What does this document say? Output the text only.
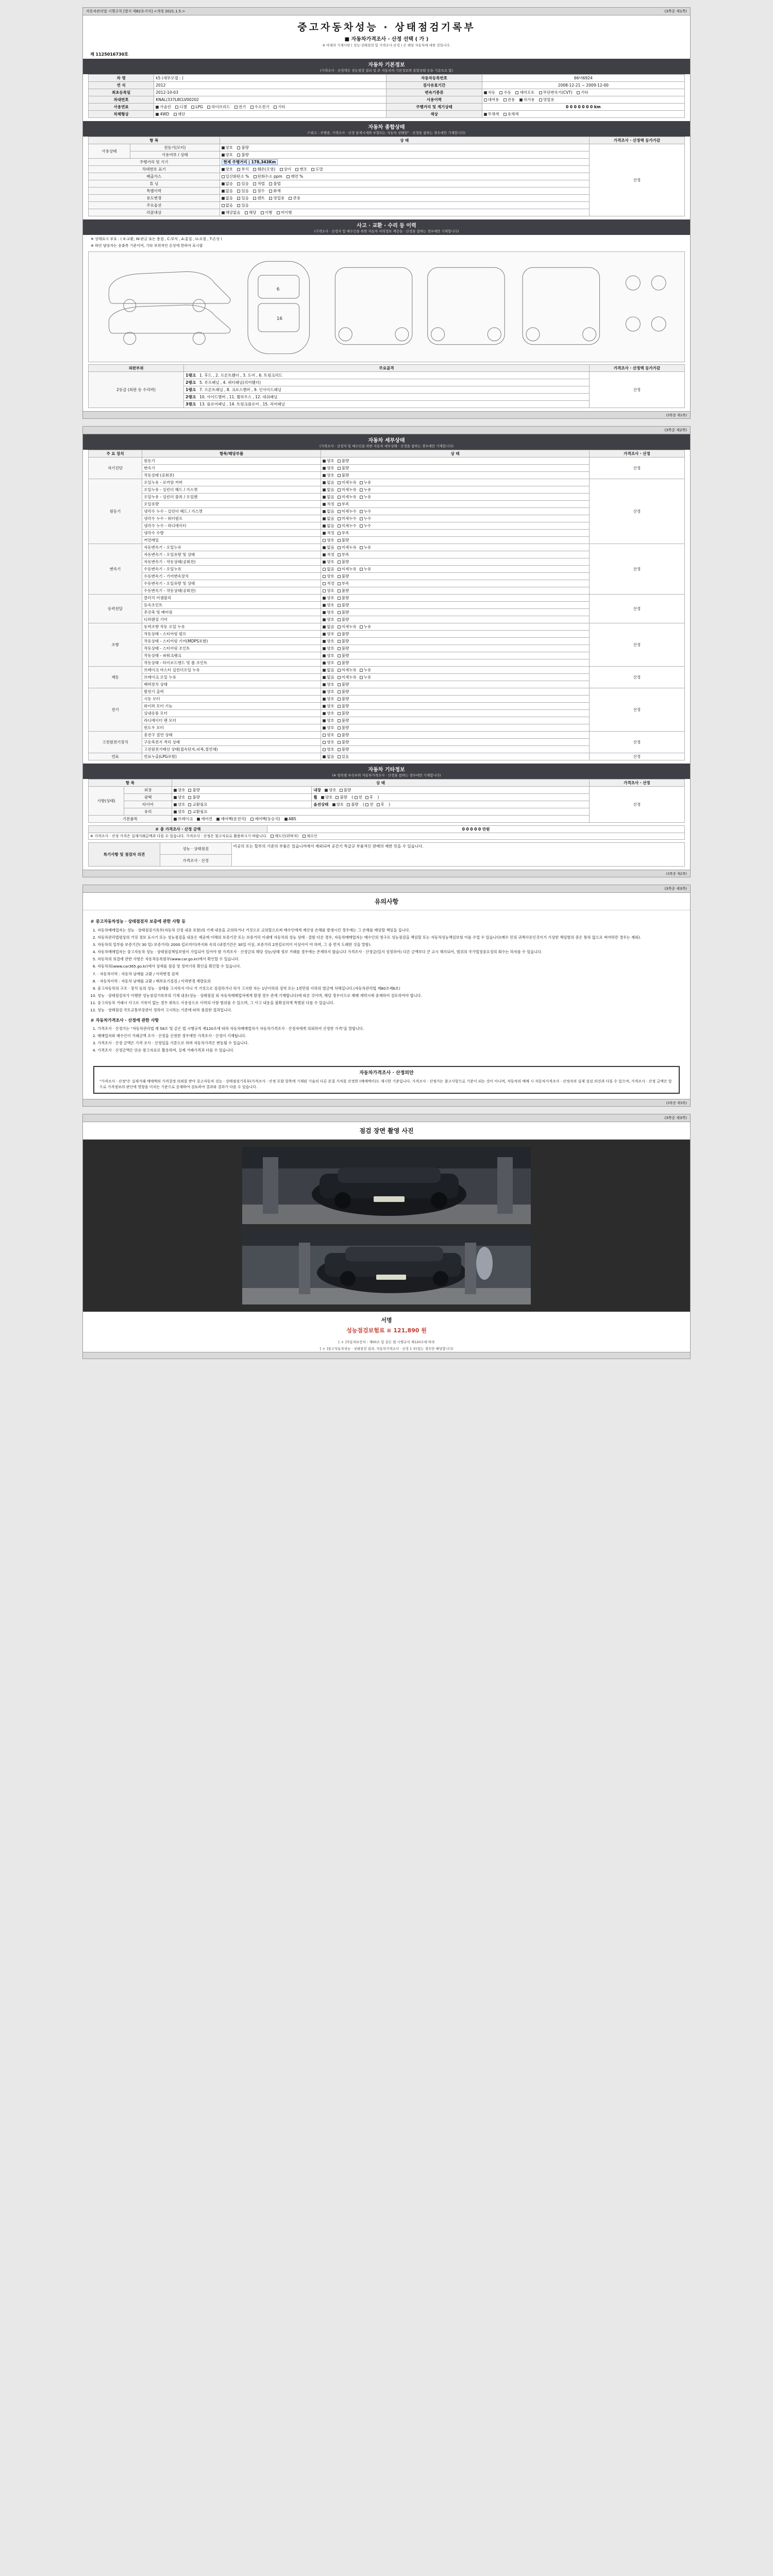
자동차관리법 시행규칙 [별지 제82호서식] <개정 2021.1.5.>	(3쪽중 제1쪽)
중고자동차성능 · 상태점검기록부
■ 자동차가격조사 · 산정 선택 ( 가 )
※ 아래의 기재사항 ( 성능·상태점검 및 가격조사·산정 ) 은 해당 자동차에 대한 것입니다.
제 1125016730호
자동차 기본정보
(가격조사 · 산정액은 성능점검 결과 및 본 자동차의 기본정보와 종합상태 등을 기준으로 함)
차 명	k5 (세부모델 : )	자동차등록번호	66머6924
연 식	2012	검사유효기간	2008-12-21 ~ 2009-12-00
최초등록일	2012-10-03	변속기종류	자동 수동 세미오토 무단변속기(CVT) 기타
차대번호	KNAL(337L8CLV00202	사용이력	대여용 관용 자가용 영업용
사용연료	가솔린 디젤 LPG 하이브리드 전기 수소전기 기타	주행거리 및 계기상태	0 0 0 0 0 0 0 km
차체형상	4WD 세단	색상	무채색 유채색
자동차 종합상태
("최고 : 주행중, 가격조사 · 산정 통계시세와 부합되는 자동차 상태임" - 산정을 참하는 경우에만 기재합니다)
항 목		상 태	가격조사 · 산정액 등가가감
사용상태	전동기(모터)	양호 불량	산정
	사용여부 / 상태	양호 불량	
주행거리 및 기기		현재 주행거리 | 178,343Km	
차대번호 표기		양호 부식 훼손(오염) 상이 변조 도말	
배출가스		일산화탄소 % 탄화수소 ppm 매연 %	
튜 닝		없음 있음 적법 불법	
특별이력		없음 있음 침수 화재	
용도변경		없음 있음 렌트 영업용 관용	
주요옵션		없음 있음	
리콜대상		해당없음 해당 이행 미이행	
사고 · 교환 · 수리 등 이력
(가격조사 · 산정자 및 매수인을 위한 자동차 이력정보 제공용 · 산정을 참하는 경우에만 기재합니다)

※ 상태표시 부호 : ( X:교환, W:판금 또는 용접 , C:부식 , A:흠집 , U:요철 , T:손상 )

※ 하단 담당자는 송출측 기준이며, 기타 부위적인 손상에 한하여 표시함

6
16
외판부위	주요골격	가격조사 · 산정액 등가가감
2등급 (외판 등 수리력)	1랭크 1. 후드 , 2. 프론트휀더 , 3. 도어 , 6. 트렁크리드	산정
	2랭크 5. 루프패널 , 4. 쿼터패널(리어휀더)	
	1랭크 7. 프론트패널 , 8. 크로스멤버 , 9. 인사이드패널	
	2랭크 10. 사이드멤버 , 11. 휠하우스 , 12. 대쉬패널	
	3랭크 13. 플로어패널 , 14. 트렁크플로어 , 15. 리어패널	
(3쪽중 제1쪽)

(3쪽중 제2쪽)
자동차 세부상태
(가격조사 · 산정자 및 매수인을 위한 자동차 세부상태 · 산정을 참하는 경우에만 기재합니다)
주 요 장치	항목/해당부품	상 태	가격조사 · 산정
자기진단	원동기	양호 불량	산정
	변속기	양호 불량	
	작동상태 (공회전)	양호 불량	
원동기	오일누유 - 로커암 커버	없음 미세누유 누유	산정
	오일누유 - 실린더 헤드 / 가스켓	없음 미세누유 누유	
	오일누유 - 실린더 블록 / 오일팬	없음 미세누유 누유	
	오일유량	적정 부족	
	냉각수 누수 - 실린더 헤드 / 가스켓	없음 미세누수 누수	
	냉각수 누수 - 워터펌프	없음 미세누수 누수	
	냉각수 누수 - 라디에이터	없음 미세누수 누수	
	냉각수 수량	적정 부족	
	커먼레일	양호 불량	
변속기	자동변속기 - 오일누유	없음 미세누유 누유	산정
	자동변속기 - 오일유량 및 상태	적정 부족	
	자동변속기 - 작동상태(공회전)	양호 불량	
	수동변속기 - 오일누유	없음 미세누유 누유	
	수동변속기 - 기어변속장치	양호 불량	
	수동변속기 - 오일유량 및 상태	적정 부족	
	수동변속기 - 작동상태(공회전)	양호 불량	
동력전달	클러치 어셈블리	양호 불량	산정
	등속조인트	양호 불량	
	추진축 및 베어링	양호 불량	
	디퍼렌셜 기어	양호 불량	
조향	동력조향 작동 오일 누유	없음 미세누유 누유	산정
	작동상태 - 스티어링 펌프	양호 불량	
	작동상태 - 스티어링 기어(MDPS포함)	양호 불량	
	작동상태 - 스티어링 조인트	양호 불량	
	작동상태 - 파워크랭크	양호 불량	
	작동상태 - 타이로드엔드 및 볼 조인트	양호 불량	
제동	브레이크 마스터 실린더오일 누유	없음 미세누유 누유	산정
	브레이크 오일 누유	없음 미세누유 누유	
	배력장치 상태	양호 불량	
전기	발전기 출력	양호 불량	산정
	시동 모터	양호 불량	
	와이퍼 모터 기능	양호 불량	
	실내송풍 모터	양호 불량	
	라디에이터 팬 모터	양호 불량	
	윈도우 모터	양호 불량	
고전원전기장치	충전구 절연 상태	양호 불량	산정
	구동축전지 격리 상태	양호 불량	
	고전원전기배선 상태(접속단자,피복,절연체)	양호 불량	
연료	연료누출(LPG포함)	없음 있음	산정
자동차 기타정보
(※ 항목별 부속부위 자동차가격조사 · 산정을 참하는 경우에만 기재합니다)
항 목		상 태		가격조사 · 산정
사항(상태)	외장	양호 불량	내장 양호 불량	산정
	광택	양호 불량	휠 양호 불량 ( 전 후 )	
	타이어	양호 교환필요	옵션상태 양호 불량 ( 전 후 )	
	유리	양호 교환필요		
기본품목		브레이크 에어컨 에어백(운전석) 에어백(동승석) ABS		
＃ 총 가격조사 · 산정 금액	0 0 0 0 0 만원
※ 가격조사 · 산정 가격은 실제거래금액과 다를 수 있습니다. 가격조사 · 산정은 참고자료로 활용하시기 바랍니다. 매도인(위탁자) 매수인
특기사항 및 점검자 의견	성능 · 상태점검	비공의 또는 할부의 기준의 부품은 있습니까에서 제외되며 공간기 특급규 부품적인 판매의 제한 민을 수 있습니다.
가격조사 · 산정
(3쪽중 제2쪽)

(3쪽중 제3쪽)
유의사항
＃ 중고자동차성능 · 상태점검자 보증에 관한 사항 등
1. 자동차매매업자는 성능 · 상태점검기록부(자동차 산정 내용 포함)의 기재 내용을 교의하거나 거짓으로 교의할으로써 매수인에게 재산상 손해를 발생시킨 경우에는 그 손해를 배상할 책임을 집니다.
2. 자동차관리법령상의 거짓 정보 표시기 또는 성능점검을 내용은 제공에 이해의 보증기간 또는 보증거리 이내에 자동차의 성능 상태 · 결함 다른 경우, 자동차매매업자는 매수인의 청구로 성능점검을 책임할 또는 자동차성능책임보험 이를 수업 수 있습니다(매수 민의 귀책사유인것이기 기상한 책임범위 증은 통하 없으로 써야하만 경우는 제외).
3. 자동차의 일부를 보증기간( 30 일) 보증거리( 2000 킬로미터)까지와 속의 (내경기간은 30일 이상, 보증거리 2천킬로미터 이상이어 야 하며, 그 중 먼저 도래한 것을 말함).
4. 자동차매매업자는 중고자동차 성능 · 상태점검책임보험이 가입되어 있어야 함 가격조사 · 산정금의 해당 성능/상태 정보 거래를 경우에는 존재하지 않습니다 가격조사 · 산정급(있지 성정하여) 다른 금액보다 큰 교시 해지되어, 범위의 국가법정중요성의 회수는 하자를 수 있습니다.
5. 자동차의 의결에 관한 사항은 자동차등록원부(www.car.go.kr)에서 확인할 수 있습니다.
6. 자동차의(www.car365.go.kr)에서 상세를 점검 및 정비기록 확인을 확인할 수 있습니다.
7. · 자동차이력 : 자동차 남예를 교환 / 이력변경 검색
8. · 자동차이력 : 자동차 남예를 교환 / 배부표기검검 / 이력변경 계량표의
9. 중고자동차의 구조 · 장치 등의 성능 · 상태를 고지하지 아니 거 거짓으로 검검하거나 허가 고지한 자는 1년이하의 징역 또는 1천만원 이하의 벌금에 처해집니다.(자동차관리법 제80조제6호)
10. 성능 · 상태점검자가 이행한 성능점검기록부의 기재 내용(성능 · 상태점검 외 자동차매매업자에게 발생 경우 관계 기재합니다)에 따른 것이며, 해당 경우이므로 매매 계약시에 중재하여 검토하여야 합니다.
11. 중고자동차 거래시 사고로 기록이 없는 경우 취득도 사용상으로 이력의 사항 범위를 수 있으며, 그 사고 내용을 불확실하게 특별된 다를 수 있습니다.
12. 성능 · 상태점검 국토교통부장관이 정하여 고시하는 기준에 따라 점검한 결과입니다.
＃ 자동차가격조사 · 산정에 관한 사항
1. 가격조사 · 산정가는 "자동차관리법 제 58조 및 같은 법 시행규칙 제120조에 따라 자동차매매업자가 자동차가격조사 · 산정자에게 의뢰하여 산정한 가격"을 말합니다.
2. 매매업자와 매수인이 거래금액 조사 · 산정을 신청한 경우에만 가격조사 · 산정이 기재됩니다.
3. 가격조사 · 산정 금액은 가격 조사 · 산정일을 기준으로 하며 자동차가격은 변동될 수 있습니다.
4. 가격조사 · 산정금액은 단순 참고자료로 활용하며, 실제 거래가격과 다를 수 있습니다.
자동차가격조사 · 산정의안
"가격조사 · 산정"은 실제거래 매매액의 가격결정 의뢰를 받아 중고자동차 성능 · 상태점검기록부(가격조사 · 산정 포함 항목에 기재된 기술의 다른 본질 가치를 산정한 (매매액이)도 제시한 기준입니다. 가격조사 · 산정가는 참고사항으로 기준이 되는 것이 아니며, 자동차의 매매 시 자동차가격조사 · 산정자의 실제 검검 의견과 다를 수 있으며, 가격조사 · 산정 금액은 앞으로 가격정보의 판단에 영향을 미치는 기준으로 중재하여 검토하여 결과와 결과가 다를 수 있습니다.
(3쪽중 제3쪽)

(3쪽중 제3쪽)
점검 장면 촬영 사진
서명
성능점검보험료 ≡ 121,890 원
[ ＊ ]자동차보증서 : 제00조 및 같은 법 시행규칙 제120조에 따라
[ ＊ ]중고자동차성능 · 상태점검 결과, 자동차가격조사 · 산정 1 부(있는 경우만 해당합니다)
